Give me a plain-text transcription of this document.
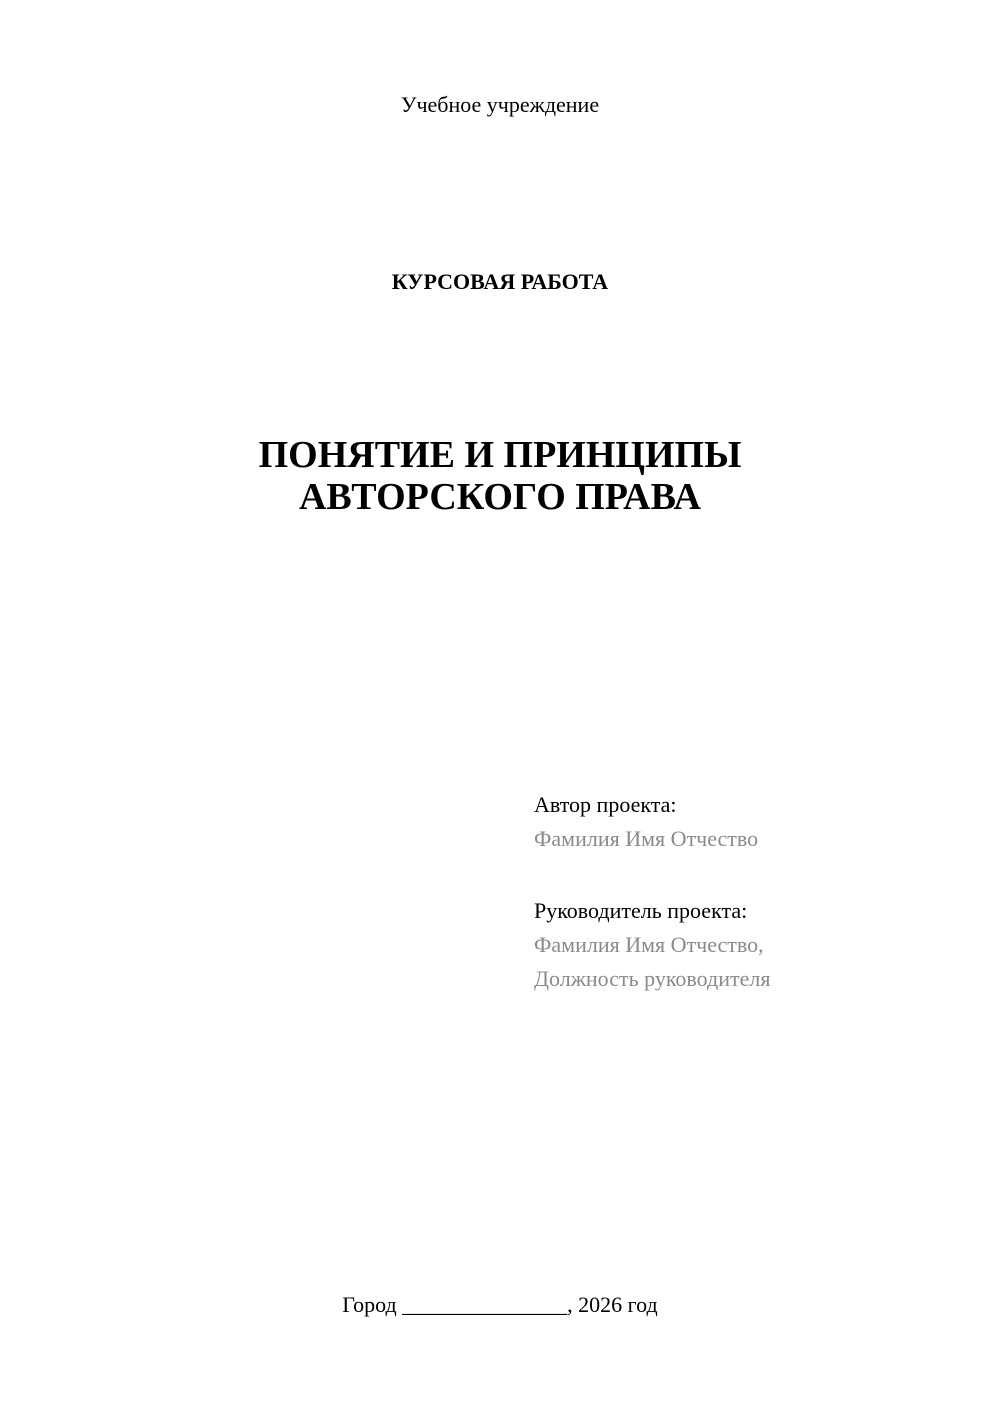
Учебное учреждение
КУРСОВАЯ РАБОТА
ПОНЯТИЕ И ПРИНЦИПЫ
АВТОРСКОГО ПРАВА
Автор проекта:
Фамилия Имя Отчество
Руководитель проекта:
Фамилия Имя Отчество,
Должность руководителя
Город _______________, 2026 год
